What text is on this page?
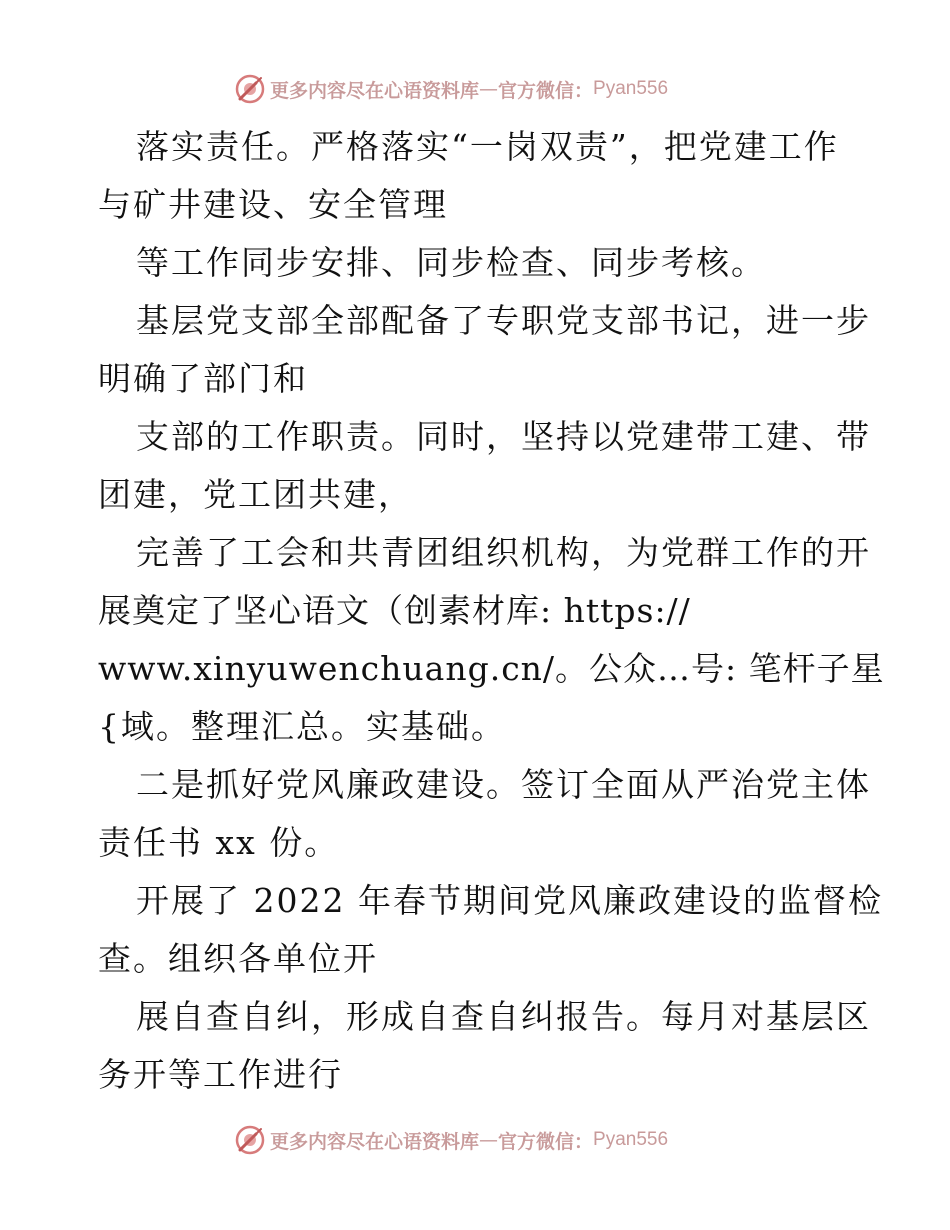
更多内容尽在心语资料库 — 官方微信： Pyan556
落实责任。严格落实“一岗双责”，把党建工作
与矿井建设、安全管理
等工作同步安排、同步检查、同步考核。
基层党支部全部配备了专职党支部书记，进一步
明确了部门和
支部的工作职责。同时，坚持以党建带工建、带
团建，党工团共建，
完善了工会和共青团组织机构，为党群工作的开
展奠定了坚心语文（创素材库: https://
www.xinyuwenchuang.cn/。公众…号: 笔杆子星
{域。整理汇总。实基础。
二是抓好党风廉政建设。签订全面从严治党主体
责任书 xx 份。
开展了 2022 年春节期间党风廉政建设的监督检
查。组织各单位开
展自查自纠，形成自查自纠报告。每月对基层区
务开等工作进行
更多内容尽在心语资料库 — 官方微信： Pyan556
